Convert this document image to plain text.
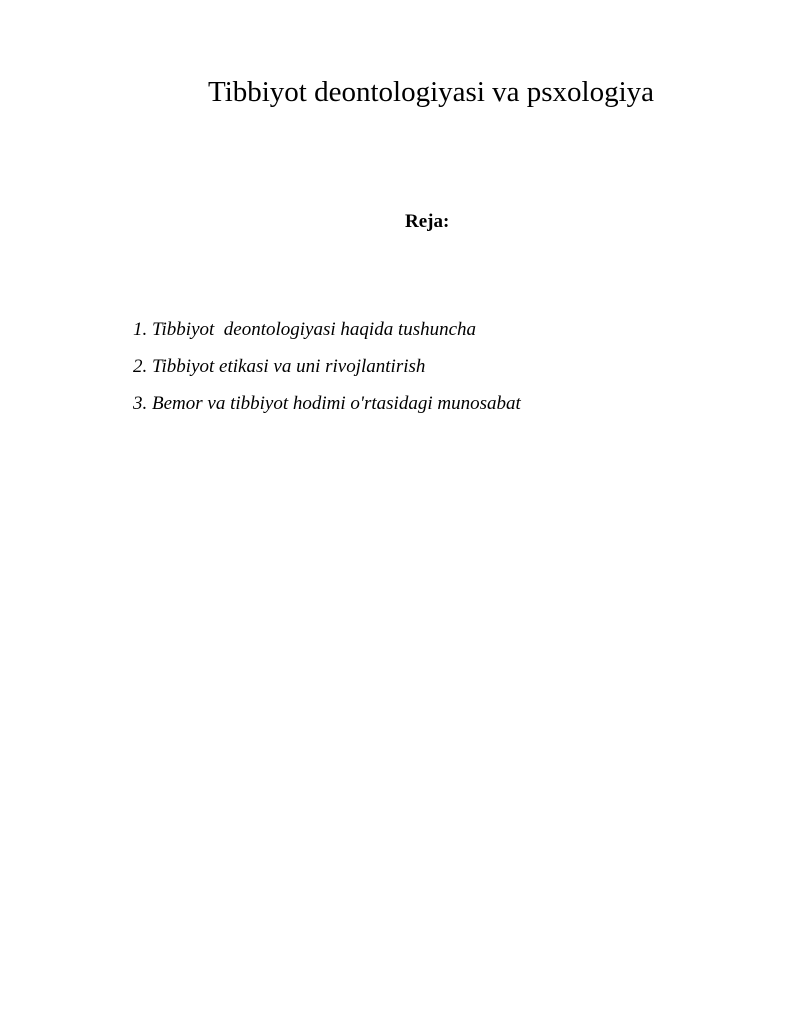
Tibbiyot deontologiyasi va psxologiya
Reja:
1. Tibbiyot  deontologiyasi haqida tushuncha
2. Tibbiyot etikasi va uni rivojlantirish
3. Bemor va tibbiyot hodimi o'rtasidagi munosabat
